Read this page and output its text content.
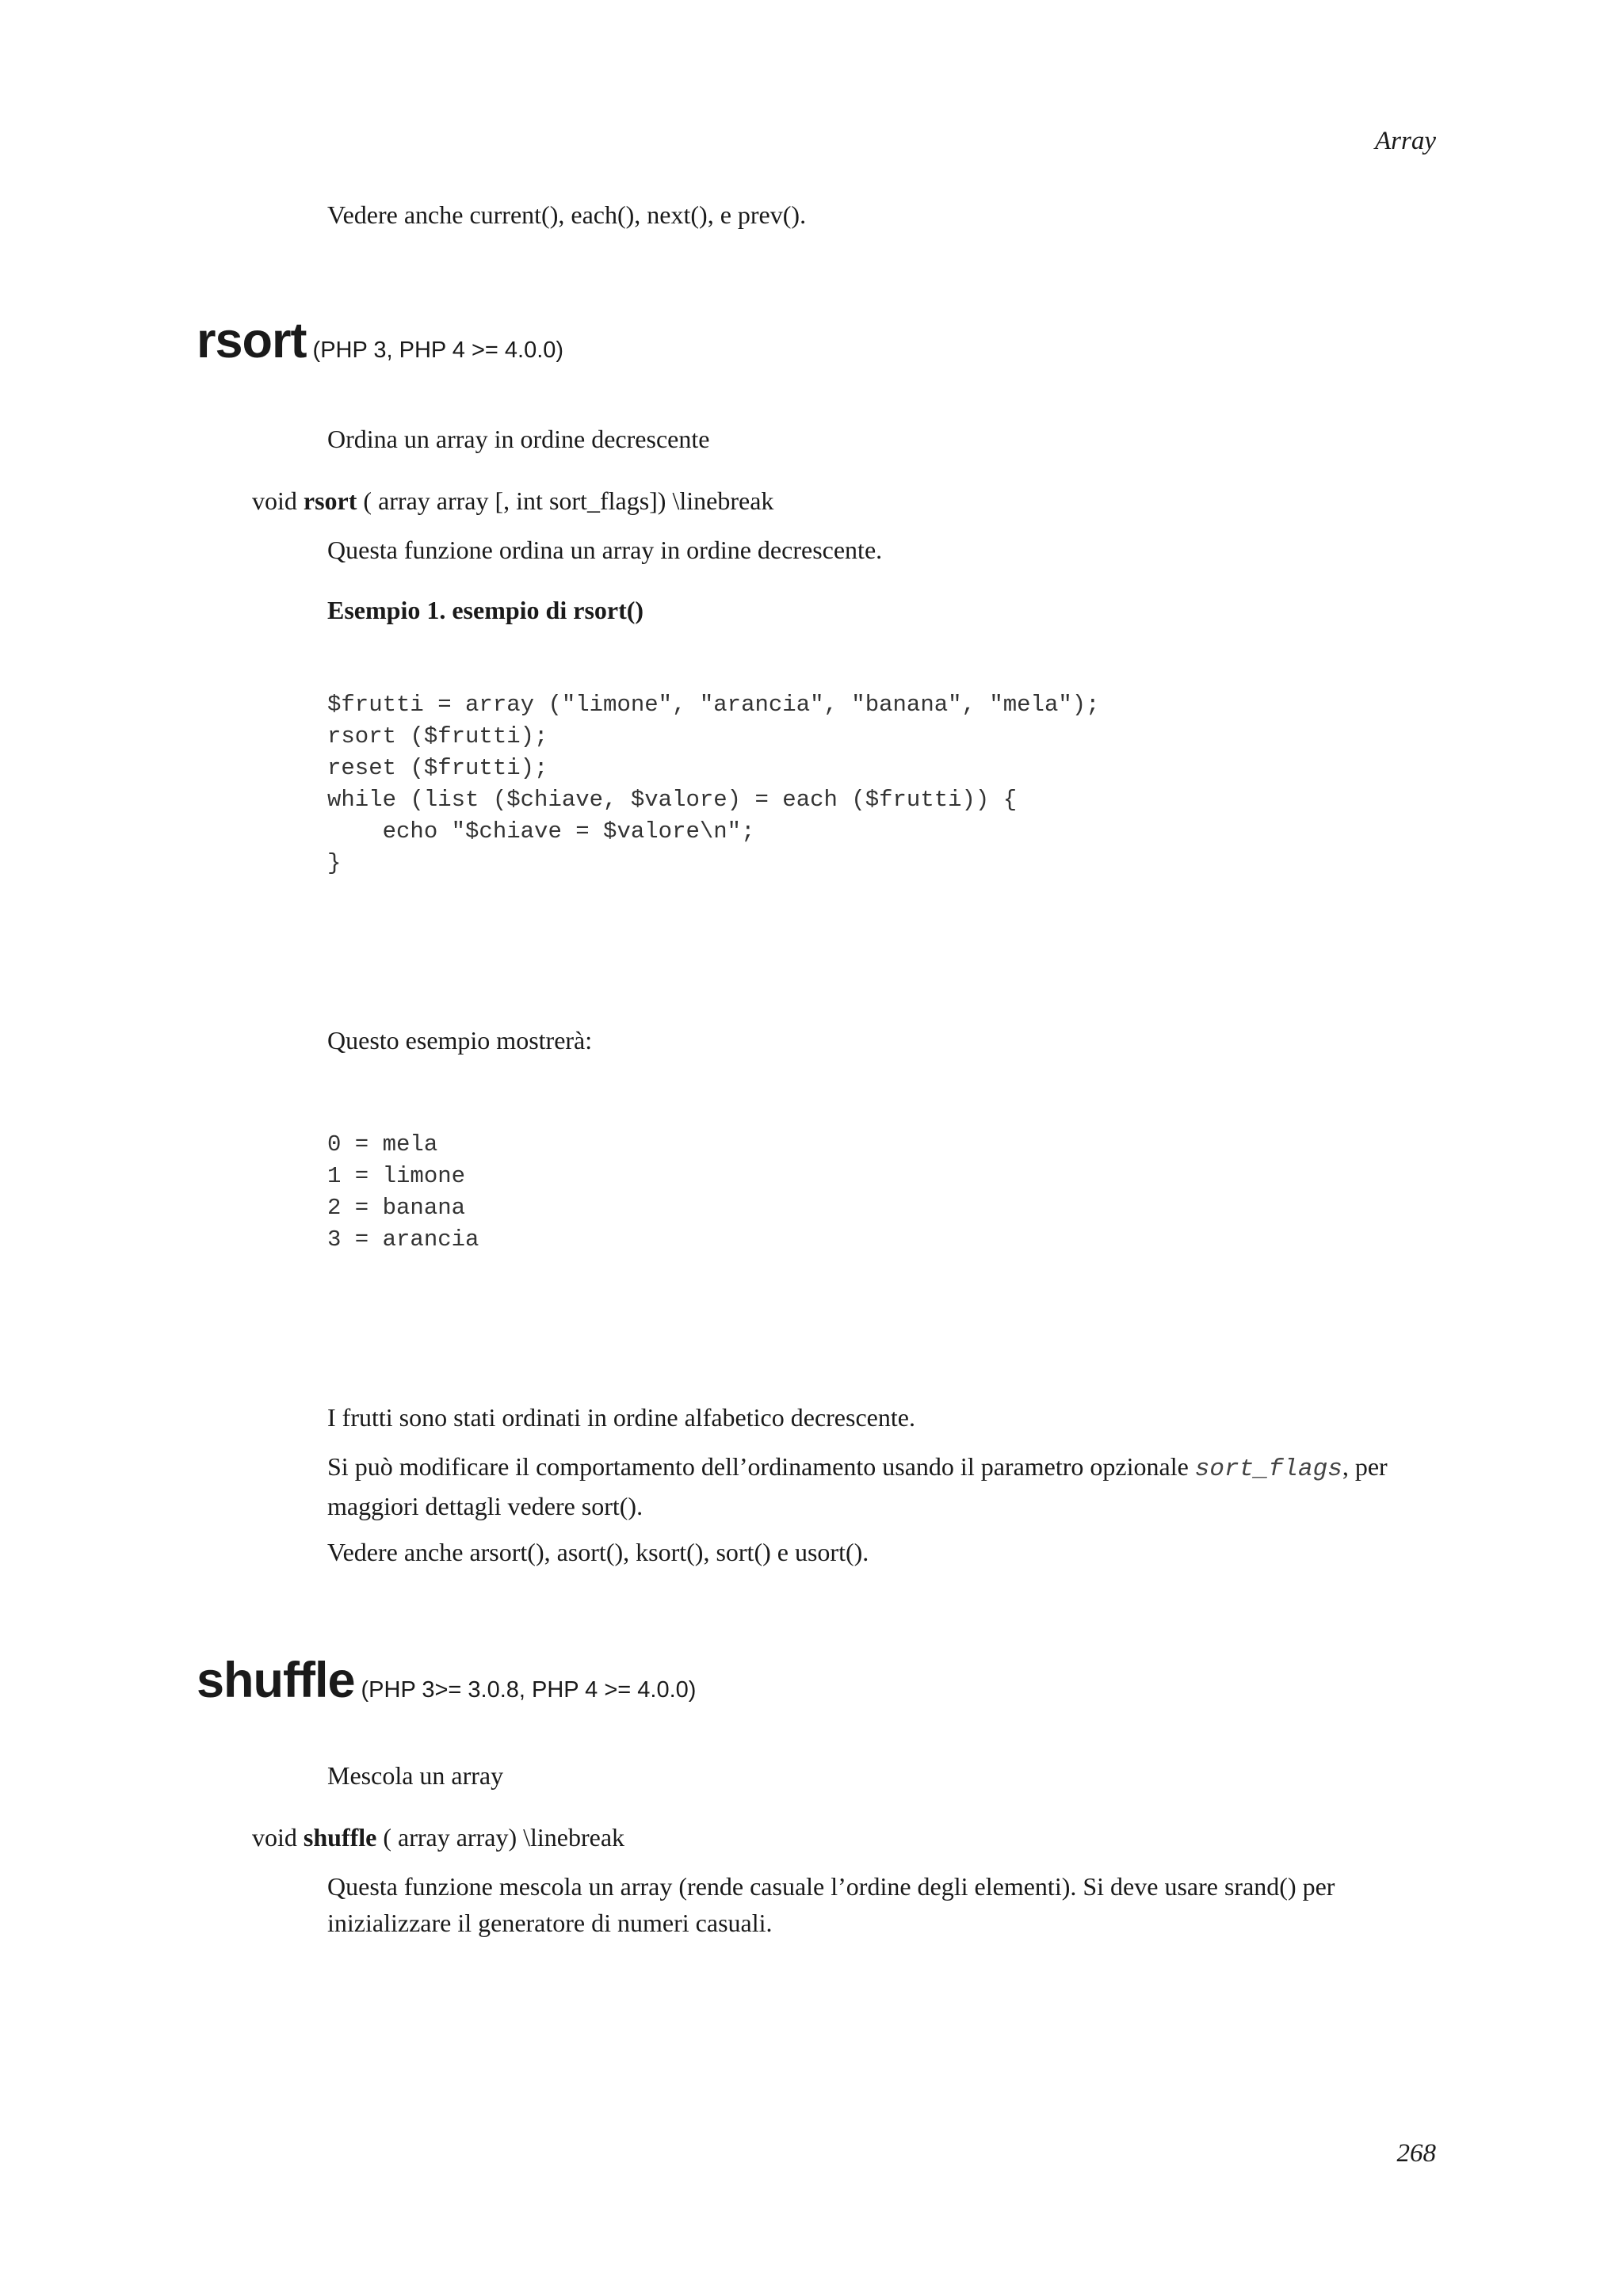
Array

Vedere anche current(), each(), next(), e prev().

rsort (PHP 3, PHP 4 >= 4.0.0)

Ordina un array in ordine decrescente

void rsort ( array array [, int sort_flags]) \linebreak

Questa funzione ordina un array in ordine decrescente.

Esempio 1. esempio di rsort()

$frutti = array ("limone", "arancia", "banana", "mela");
rsort ($frutti);
reset ($frutti);
while (list ($chiave, $valore) = each ($frutti)) {
echo "$chiave = $valore\n";
}

Questo esempio mostrerà:

0 = mela
1 = limone
2 = banana
3 = arancia

I frutti sono stati ordinati in ordine alfabetico decrescente.

Si può modificare il comportamento dell’ordinamento usando il parametro opzionale sort_flags, per maggiori dettagli vedere sort().

Vedere anche arsort(), asort(), ksort(), sort() e usort().

shuffle (PHP 3>= 3.0.8, PHP 4 >= 4.0.0)

Mescola un array

void shuffle ( array array) \linebreak

Questa funzione mescola un array (rende casuale l’ordine degli elementi). Si deve usare srand() per inizializzare il generatore di numeri casuali.

268
